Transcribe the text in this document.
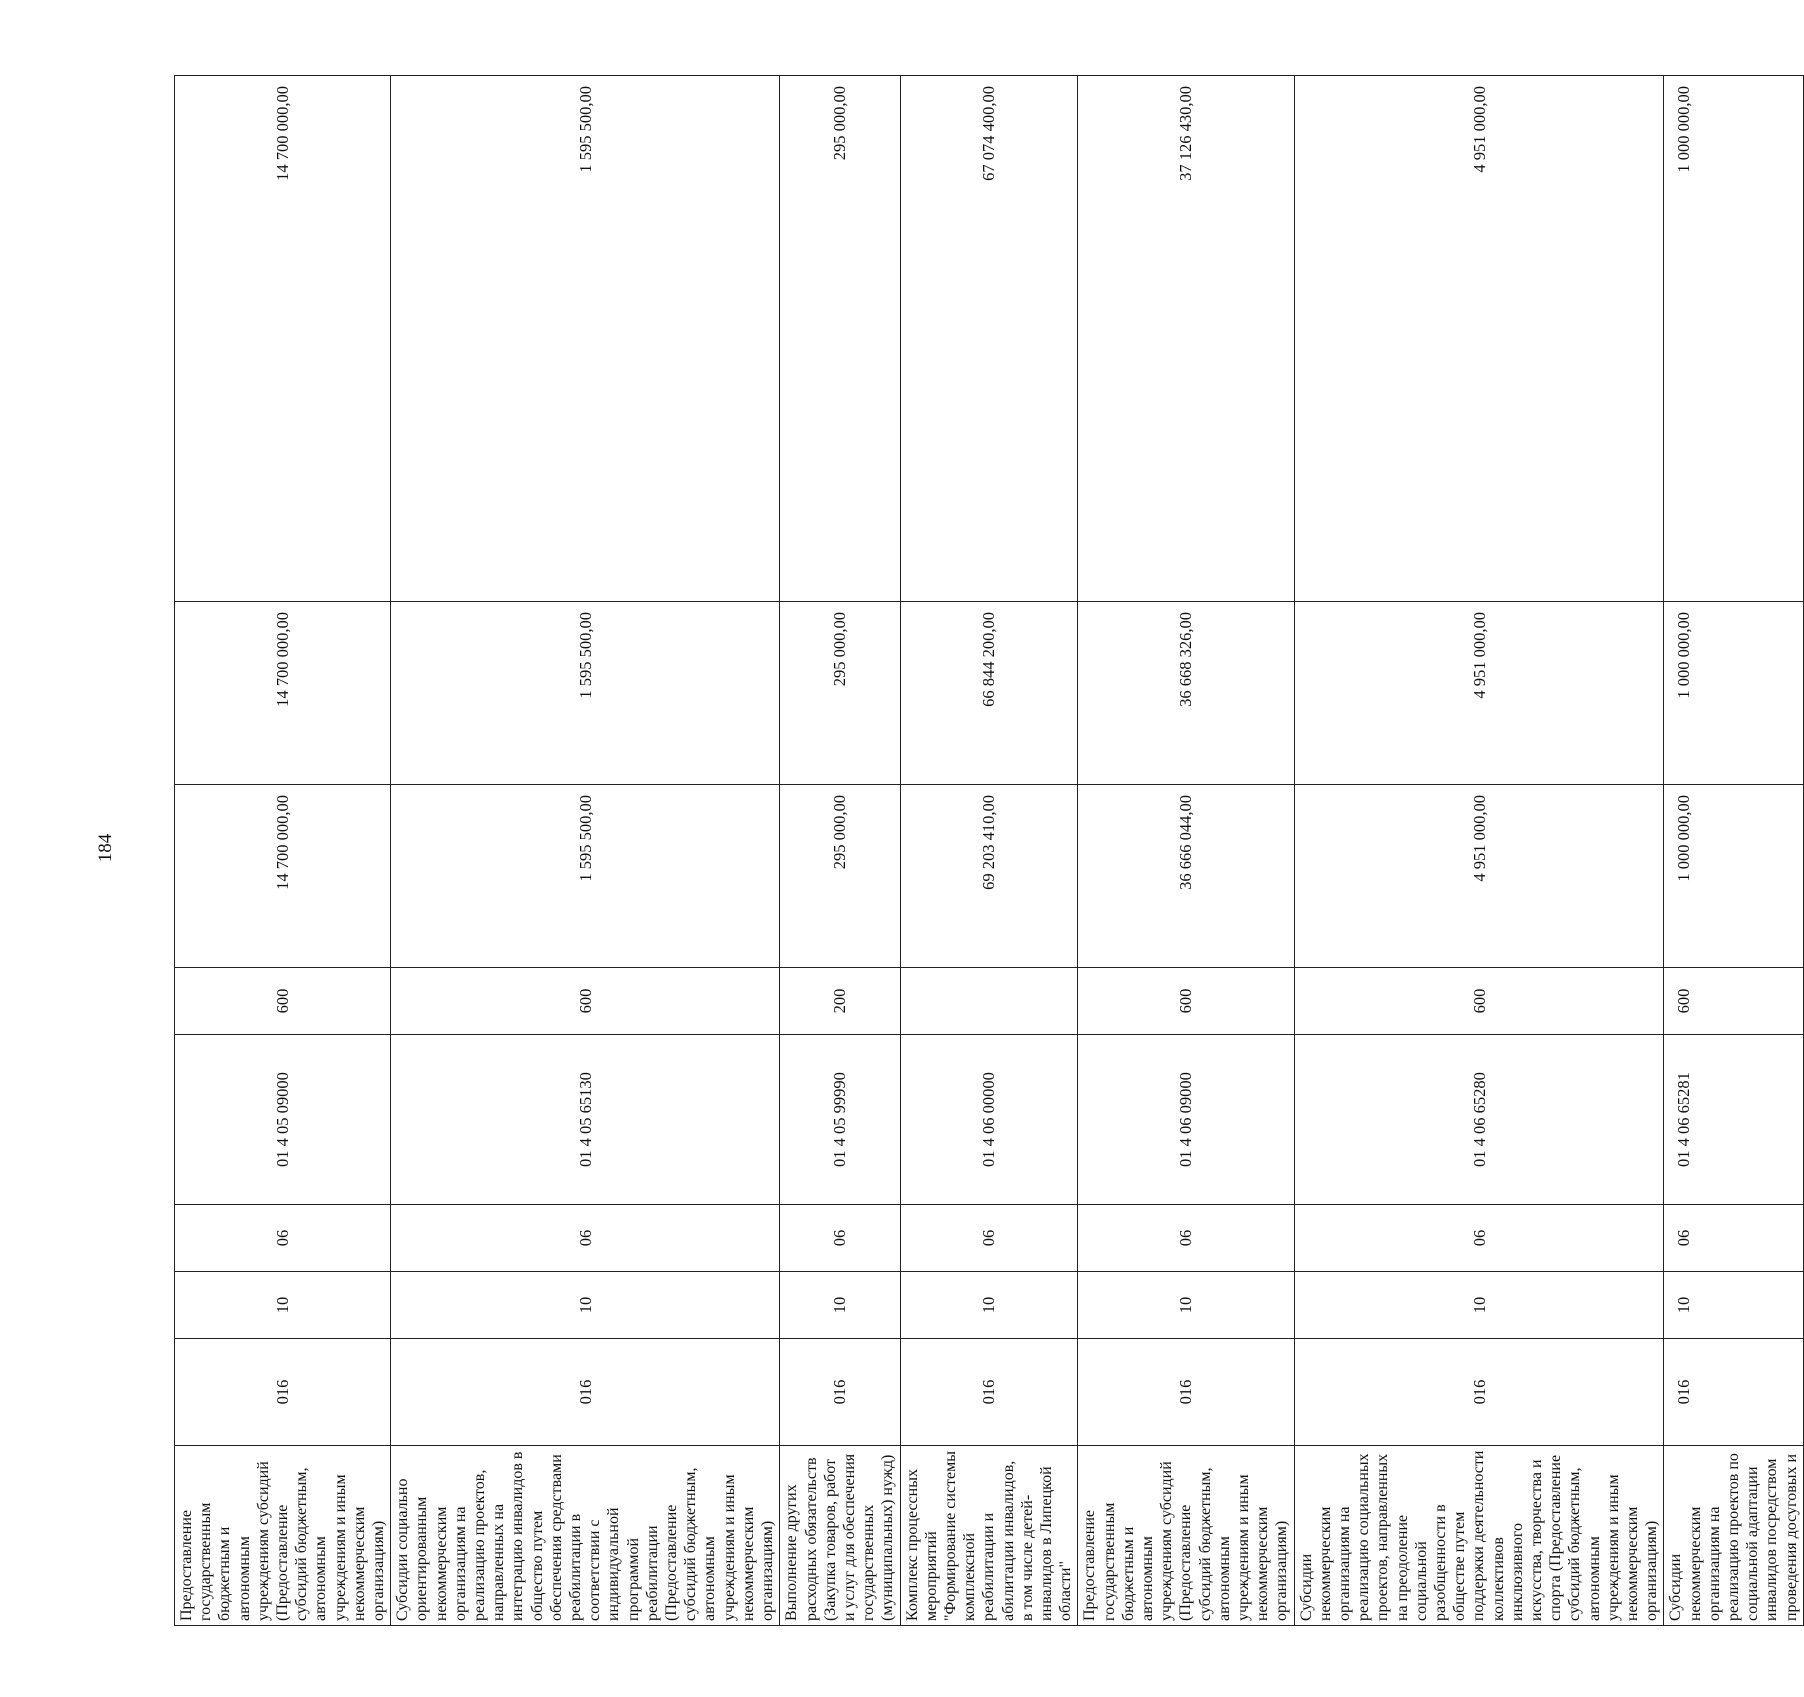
184
Предоставление государственным бюджетным и автономным учреждениям субсидий (Предоставление субсидий бюджетным, автономным учреждениям и иным некоммерческим организациям)	016	10	06	01 4 05 09000	600	14 700 000,00	14 700 000,00	14 700 000,00
Субсидии социально ориентированным некоммерческим организациям на реализацию проектов, направленных на интеграцию инвалидов в общество путем обеспечения средствами реабилитации в соответствии с индивидуальной программой реабилитации (Предоставление субсидий бюджетным, автономным учреждениям и иным некоммерческим организациям)	016	10	06	01 4 05 65130	600	1 595 500,00	1 595 500,00	1 595 500,00
Выполнение других расходных обязательств (Закупка товаров, работ и услуг для обеспечения государственных (муниципальных) нужд)	016	10	06	01 4 05 99990	200	295 000,00	295 000,00	295 000,00
Комплекс процессных мероприятий "Формирование системы комплексной реабилитации и абилитации инвалидов, в том числе детей-инвалидов в Липецкой области"	016	10	06	01 4 06 00000		69 203 410,00	66 844 200,00	67 074 400,00
Предоставление государственным бюджетным и автономным учреждениям субсидий (Предоставление субсидий бюджетным, автономным учреждениям и иным некоммерческим организациям)	016	10	06	01 4 06 09000	600	36 666 044,00	36 668 326,00	37 126 430,00
Субсидии некоммерческим организациям на реализацию социальных проектов, направленных на преодоление социальной разобщенности в обществе путем поддержки деятельности коллективов инклюзивного искусства, творчества и спорта (Предоставление субсидий бюджетным, автономным учреждениям и иным некоммерческим организациям)	016	10	06	01 4 06 65280	600	4 951 000,00	4 951 000,00	4 951 000,00
Субсидии некоммерческим организациям на реализацию проектов по социальной адаптации инвалидов посредством проведения досуговых и	016	10	06	01 4 06 65281	600	1 000 000,00	1 000 000,00	1 000 000,00
